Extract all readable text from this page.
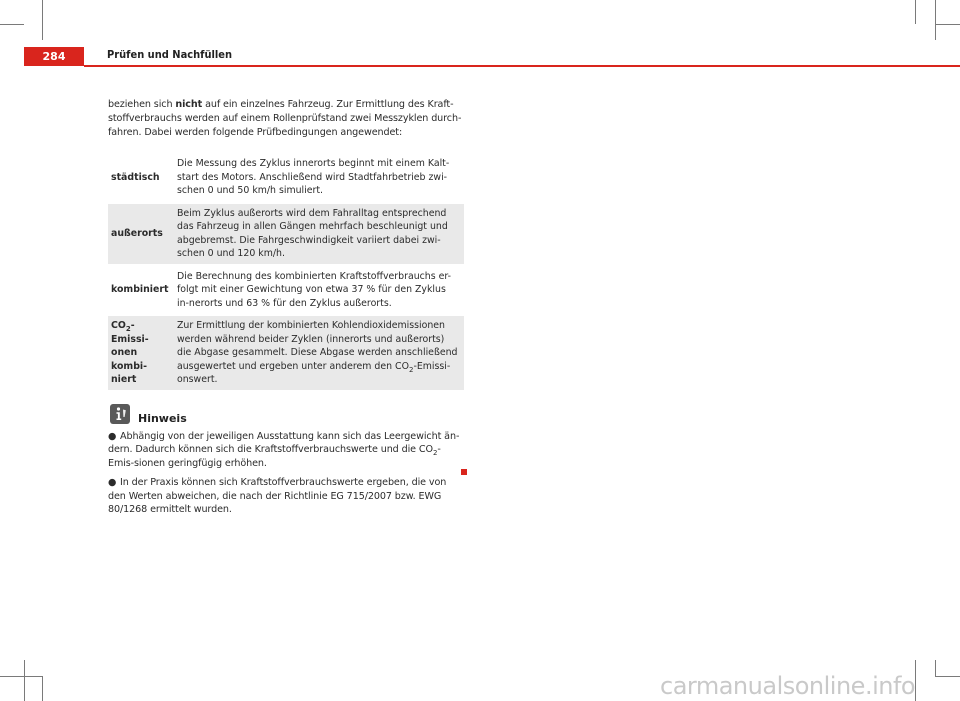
284	Prüfen und Nachfüllen

beziehen sich nicht auf ein einzelnes Fahrzeug. Zur Ermittlung des Kraft-stoffverbrauchs werden auf einem Rollenprüfstand zwei Messzyklen durch-fahren. Dabei werden folgende Prüfbedingungen angewendet:

städtisch	Die Messung des Zyklus innerorts beginnt mit einem Kalt-start des Motors. Anschließend wird Stadtfahrbetrieb zwi-schen 0 und 50 km/h simuliert.
außerorts	Beim Zyklus außerorts wird dem Fahralltag entsprechend das Fahrzeug in allen Gängen mehrfach beschleunigt und abgebremst. Die Fahrgeschwindigkeit variiert dabei zwi-schen 0 und 120 km/h.
kombiniert	Die Berechnung des kombinierten Kraftstoffverbrauchs er-folgt mit einer Gewichtung von etwa 37 % für den Zyklus in-nerorts und 63 % für den Zyklus außerorts.
$CO_2-Emissi$-onen kombi-niert	Zur Ermittlung der kombinierten Kohlendioxidemissionen werden während beider Zyklen (innerorts und außerorts) die Abgase gesammelt. Diese Abgase werden anschließend ausgewertet und ergeben unter anderem den $CO_2-Emissi$-onswert.
Hinweis
● Abhängig von der jeweiligen Ausstattung kann sich das Leergewicht än-dern. Dadurch können sich die Kraftstoffverbrauchswerte und die $CO_2-Emis$-sionen geringfügig erhöhen.
● In der Praxis können sich Kraftstoffverbrauchswerte ergeben, die von den Werten abweichen, die nach der Richtlinie EG 715/2007 bzw. EWG 80/1268 ermittelt wurden.
carmanualsonline.info
